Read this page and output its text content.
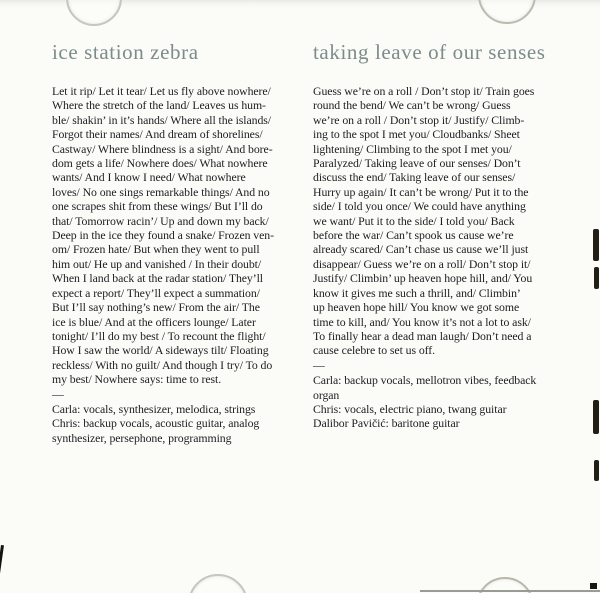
ice station zebra
Let it rip/ Let it tear/ Let us fly above nowhere/
Where the stretch of the land/ Leaves us hum-
ble/ shakin’ in it’s hands/ Where all the islands/
Forgot their names/ And dream of shorelines/
Castway/ Where blindness is a sight/ And bore-
dom gets a life/ Nowhere does/ What nowhere
wants/ And I know I need/ What nowhere
loves/ No one sings remarkable things/ And no
one scrapes shit from these wings/ But I’ll do
that/ Tomorrow racin’/ Up and down my back/
Deep in the ice they found a snake/ Frozen ven-
om/ Frozen hate/ But when they went to pull
him out/ He up and vanished / In their doubt/
When I land back at the radar station/ They’ll
expect a report/ They’ll expect a summation/
But I’ll say nothing’s new/ From the air/ The
ice is blue/ And at the officers lounge/ Later
tonight/ I’ll do my best / To recount the flight/
How I saw the world/ A sideways tilt/ Floating
reckless/ With no guilt/ And though I try/ To do
my best/ Nowhere says: time to rest.
—
Carla: vocals, synthesizer, melodica, strings
Chris: backup vocals, acoustic guitar, analog
synthesizer, persephone, programming
taking leave of our senses
Guess we’re on a roll / Don’t stop it/ Train goes
round the bend/ We can’t be wrong/ Guess
we’re on a roll / Don’t stop it/ Justify/ Climb-
ing to the spot I met you/ Cloudbanks/ Sheet
lightening/ Climbing to the spot I met you/
Paralyzed/ Taking leave of our senses/ Don’t
discuss the end/ Taking leave of our senses/
Hurry up again/ It can’t be wrong/ Put it to the
side/ I told you once/ We could have anything
we want/ Put it to the side/ I told you/ Back
before the war/ Can’t spook us cause we’re
already scared/ Can’t chase us cause we’ll just
disappear/ Guess we’re on a roll/ Don’t stop it/
Justify/ Climbin’ up heaven hope hill, and/ You
know it gives me such a thrill, and/ Climbin’
up heaven hope hill/ You know we got some
time to kill, and/ You know it’s not a lot to ask/
To finally hear a dead man laugh/ Don’t need a
cause celebre to set us off.
—
Carla: backup vocals, mellotron vibes, feedback
organ
Chris: vocals, electric piano, twang guitar
Dalibor Pavičić: baritone guitar
